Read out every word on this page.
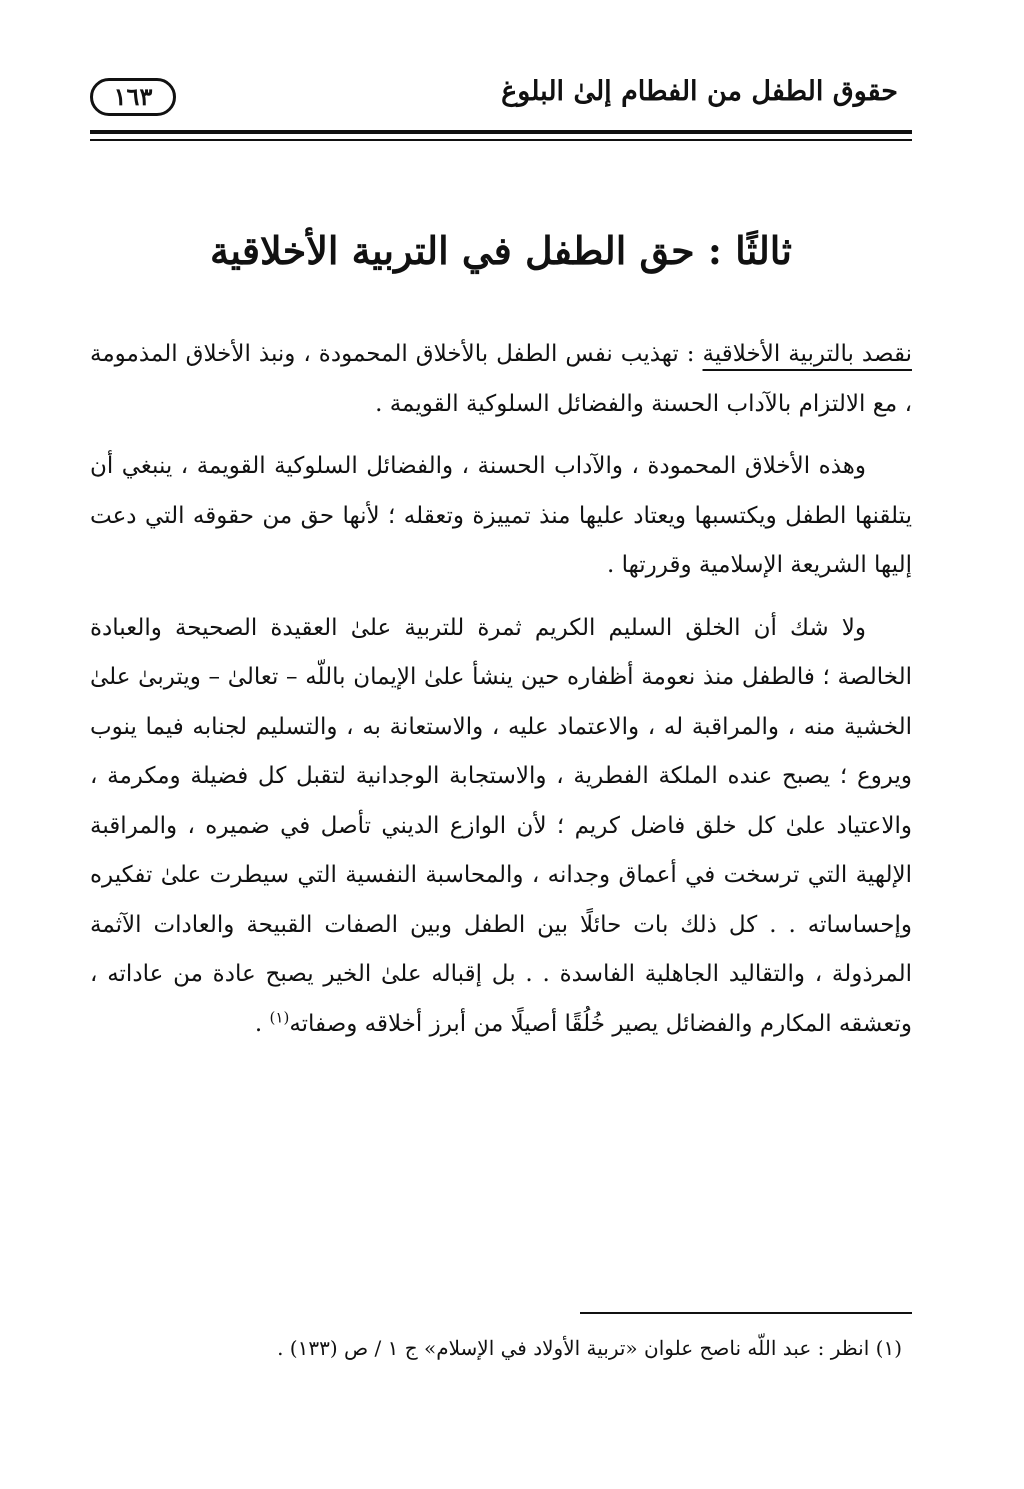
حقوق الطفل من الفطام إلىٰ البلوغ
١٦٣
ثالثًا : حق الطفل في التربية الأخلاقية

نقصد بالتربية الأخلاقية : تهذيب نفس الطفل بالأخلاق المحمودة ، ونبذ الأخلاق المذمومة ، مع الالتزام بالآداب الحسنة والفضائل السلوكية القويمة .

وهذه الأخلاق المحمودة ، والآداب الحسنة ، والفضائل السلوكية القويمة ، ينبغي أن يتلقنها الطفل ويكتسبها ويعتاد عليها منذ تمييزة وتعقله ؛ لأنها حق من حقوقه التي دعت إليها الشريعة الإسلامية وقررتها .

ولا شك أن الخلق السليم الكريم ثمرة للتربية علىٰ العقيدة الصحيحة والعبادة الخالصة ؛ فالطفل منذ نعومة أظفاره حين ينشأ علىٰ الإيمان باللّه – تعالىٰ – ويتربىٰ علىٰ الخشية منه ، والمراقبة له ، والاعتماد عليه ، والاستعانة به ، والتسليم لجنابه فيما ينوب ويروع ؛ يصبح عنده الملكة الفطرية ، والاستجابة الوجدانية لتقبل كل فضيلة ومكرمة ، والاعتياد علىٰ كل خلق فاضل كريم ؛ لأن الوازع الديني تأصل في ضميره ، والمراقبة الإلهية التي ترسخت في أعماق وجدانه ، والمحاسبة النفسية التي سيطرت علىٰ تفكيره وإحساساته . . كل ذلك بات حائلًا بين الطفل وبين الصفات القبيحة والعادات الآثمة المرذولة ، والتقاليد الجاهلية الفاسدة . . بل إقباله علىٰ الخير يصبح عادة من عاداته ، وتعشقه المكارم والفضائل يصير خُلُقًا أصيلًا من أبرز أخلاقه وصفاته$^{(١)}$ .

(١) انظر : عبد اللّه ناصح علوان «تربية الأولاد في الإسلام» ج ١ / ص (١٣٣) .
